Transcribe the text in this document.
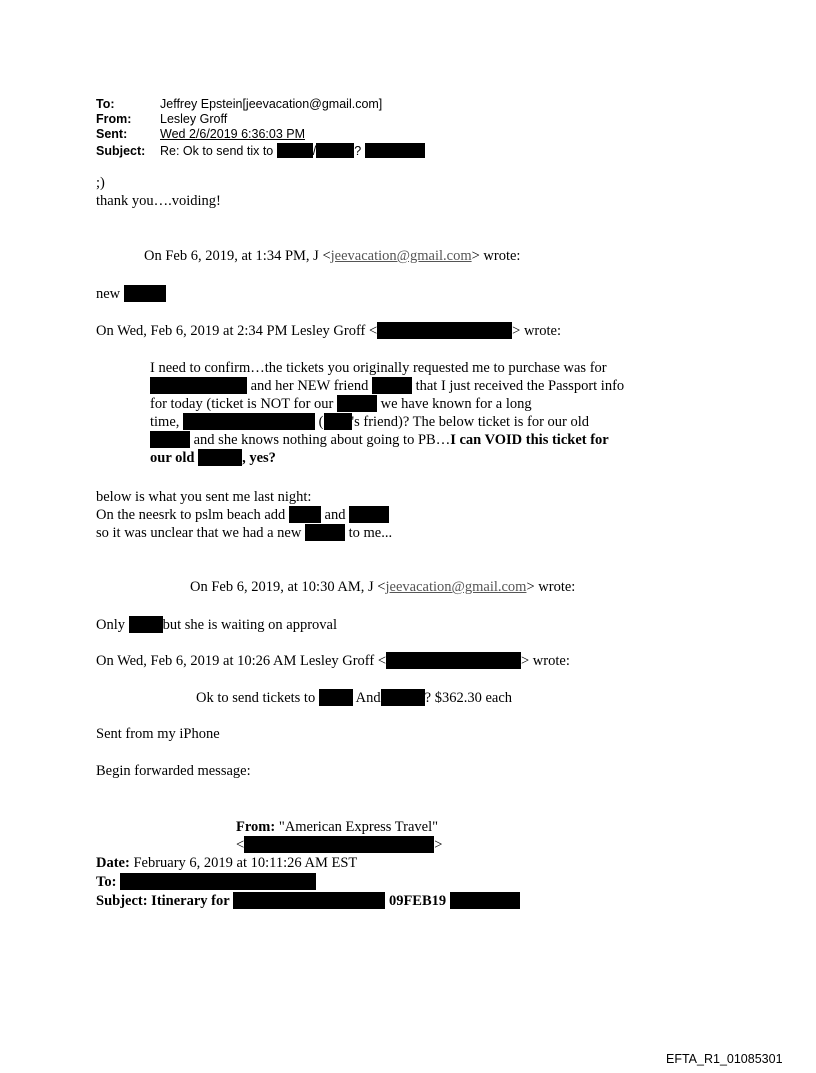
To:	Jeffrey Epstein[jeevacation@gmail.com]
From: Lesley Groff
Sent:	Wed 2/6/2019 6:36:03 PM
Subject: Re: Ok to send tix to	/	?
;)
thank you….voiding!
On Feb 6, 2019, at 1:34 PM, J <jeevacation@gmail.com> wrote:
new
On Wed, Feb 6, 2019 at 2:34 PM Lesley Groff <	> wrote:
I need to confirm…the tickets you originally requested me to purchase was for
and her NEW friend	that I just received the Passport info
for today (ticket is NOT for our	we have known for a long
time,	( 's friend)? The below ticket is for our old
and she knows nothing about going to PB…I can VOID this ticket for
our old	, yes?
below is what you sent me last night:
On the neesrk to pslm beach add	and
so it was unclear that we had a new	to me...
On Feb 6, 2019, at 10:30 AM, J <jeevacation@gmail.com> wrote:
Only	but she is waiting on approval
On Wed, Feb 6, 2019 at 10:26 AM Lesley Groff <	> wrote:
Ok to send tickets to	And	? $362.30 each
Sent from my iPhone
Begin forwarded message:
From: "American Express Travel"
<	>
Date: February 6, 2019 at 10:11:26 AM EST
To:
Subject: Itinerary for	09FEB19
EFTA_R1_01085301
